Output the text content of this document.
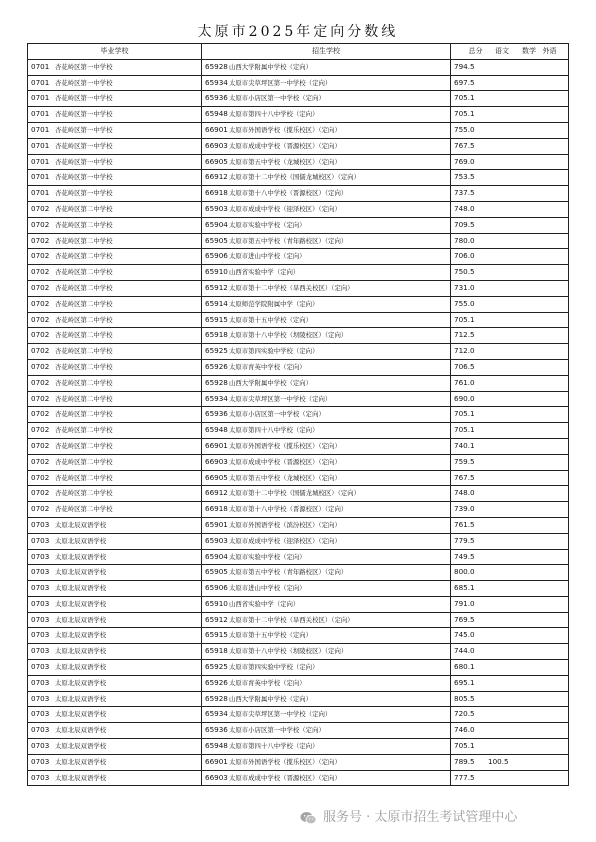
太原市2025年定向分数线
毕业学校	招生学校	总分 语文 数学 外语
0701 杏花岭区第一中学校	65928山西大学附属中学校（定向）	794.5
0701 杏花岭区第一中学校	65934太原市尖草坪区第一中学校（定向）	697.5
0701 杏花岭区第一中学校	65936太原市小店区第一中学校（定向）	705.1
0701 杏花岭区第一中学校	65948太原市第四十八中学校（定向）	705.1
0701 杏花岭区第一中学校	66901太原市外国语学校（揽乐校区）（定向）	755.0
0701 杏花岭区第一中学校	66903太原市成成中学校（晋源校区）（定向）	767.5
0701 杏花岭区第一中学校	66905太原市第五中学校（龙城校区）（定向）	769.0
0701 杏花岭区第一中学校	66912太原市第十二中学校（国儒龙城校区）（定向）	753.5
0701 杏花岭区第一中学校	66918太原市第十八中学校（晋源校区）（定向）	737.5
0702 杏花岭区第二中学校	65903太原市成成中学校（迎泽校区）（定向）	748.0
0702 杏花岭区第二中学校	65904太原市实验中学校（定向）	709.5
0702 杏花岭区第二中学校	65905太原市第五中学校（青年路校区）（定向）	780.0
0702 杏花岭区第二中学校	65906太原市进山中学校（定向）	706.0
0702 杏花岭区第二中学校	65910山西省实验中学（定向）	750.5
0702 杏花岭区第二中学校	65912太原市第十二中学校（旱西关校区）（定向）	731.0
0702 杏花岭区第二中学校	65914太原师范学院附属中学（定向）	755.0
0702 杏花岭区第二中学校	65915太原市第十五中学校（定向）	705.1
0702 杏花岭区第二中学校	65918太原市第十八中学校（坝陵校区）（定向）	712.5
0702 杏花岭区第二中学校	65925太原市第四实验中学校（定向）	712.0
0702 杏花岭区第二中学校	65926太原市育英中学校（定向）	706.5
0702 杏花岭区第二中学校	65928山西大学附属中学校（定向）	761.0
0702 杏花岭区第二中学校	65934太原市尖草坪区第一中学校（定向）	690.0
0702 杏花岭区第二中学校	65936太原市小店区第一中学校（定向）	705.1
0702 杏花岭区第二中学校	65948太原市第四十八中学校（定向）	705.1
0702 杏花岭区第二中学校	66901太原市外国语学校（揽乐校区）（定向）	740.1
0702 杏花岭区第二中学校	66903太原市成成中学校（晋源校区）（定向）	759.5
0702 杏花岭区第二中学校	66905太原市第五中学校（龙城校区）（定向）	767.5
0702 杏花岭区第二中学校	66912太原市第十二中学校（国儒龙城校区）（定向）	748.0
0702 杏花岭区第二中学校	66918太原市第十八中学校（晋源校区）（定向）	739.0
0703 太原北辰双语学校	65901太原市外国语学校（滨汾校区）（定向）	761.5
0703 太原北辰双语学校	65903太原市成成中学校（迎泽校区）（定向）	779.5
0703 太原北辰双语学校	65904太原市实验中学校（定向）	749.5
0703 太原北辰双语学校	65905太原市第五中学校（青年路校区）（定向）	800.0
0703 太原北辰双语学校	65906太原市进山中学校（定向）	685.1
0703 太原北辰双语学校	65910山西省实验中学（定向）	791.0
0703 太原北辰双语学校	65912太原市第十二中学校（旱西关校区）（定向）	769.5
0703 太原北辰双语学校	65915太原市第十五中学校（定向）	745.0
0703 太原北辰双语学校	65918太原市第十八中学校（坝陵校区）（定向）	744.0
0703 太原北辰双语学校	65925太原市第四实验中学校（定向）	680.1
0703 太原北辰双语学校	65926太原市育英中学校（定向）	695.1
0703 太原北辰双语学校	65928山西大学附属中学校（定向）	805.5
0703 太原北辰双语学校	65934太原市尖草坪区第一中学校（定向）	720.5
0703 太原北辰双语学校	65936太原市小店区第一中学校（定向）	746.0
0703 太原北辰双语学校	65948太原市第四十八中学校（定向）	705.1
0703 太原北辰双语学校	66901太原市外国语学校（揽乐校区）（定向）	789.5 100.5
0703 太原北辰双语学校	66903太原市成成中学校（晋源校区）（定向）	777.5
服务号 · 太原市招生考试管理中心
